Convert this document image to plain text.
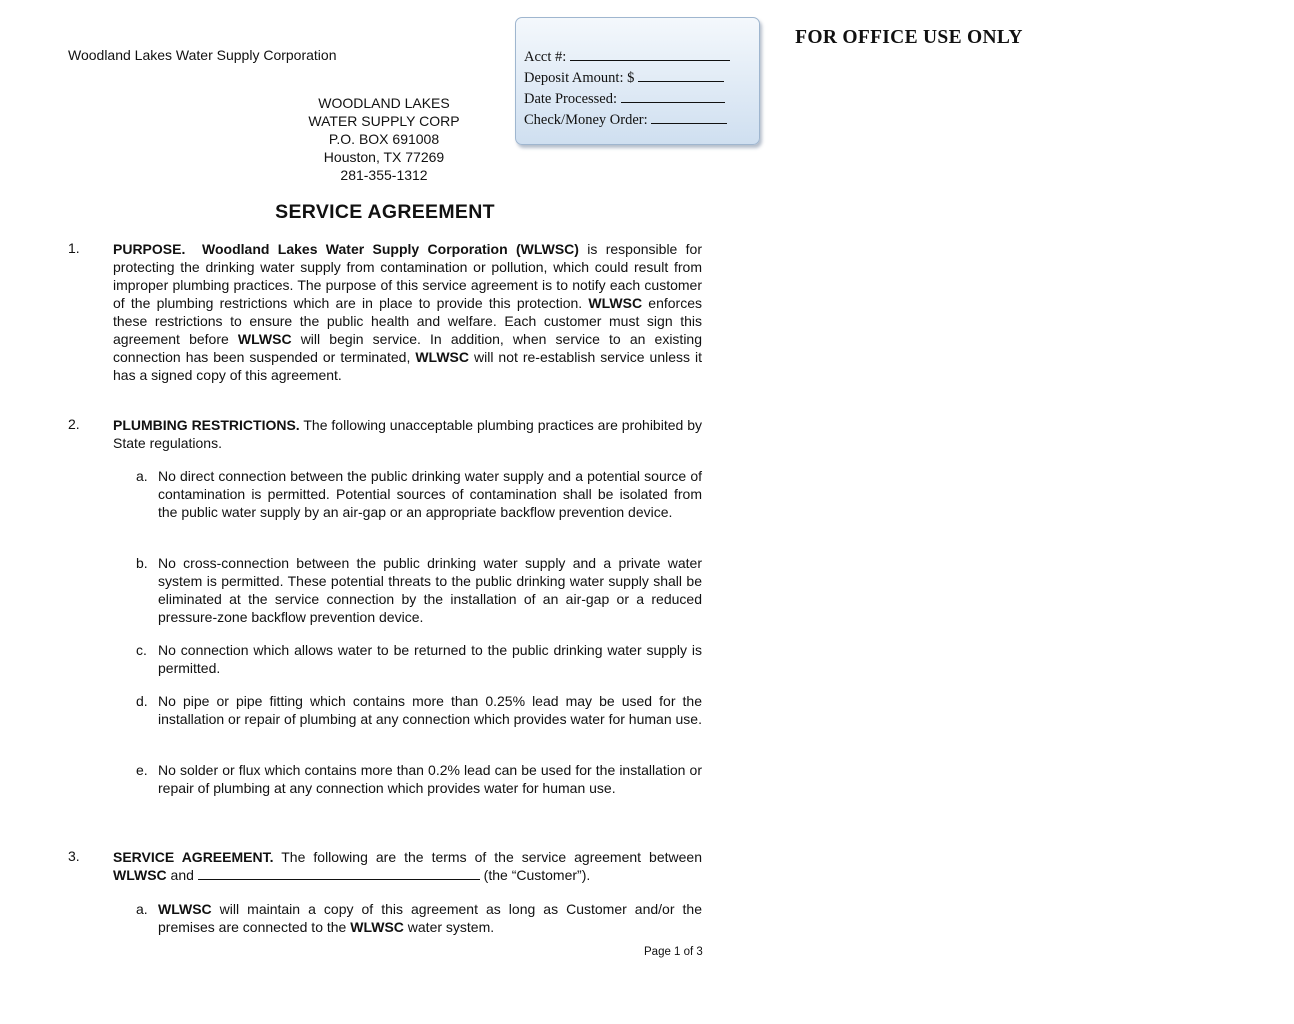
Woodland Lakes Water Supply Corporation
FOR OFFICE USE ONLY
Acct #:
Deposit Amount: $
Date Processed:
Check/Money Order:
WOODLAND LAKES
WATER SUPPLY CORP
P.O. BOX 691008
Houston, TX 77269
281-355-1312
SERVICE AGREEMENT
1. PURPOSE. Woodland Lakes Water Supply Corporation (WLWSC) is responsible for protecting the drinking water supply from contamination or pollution, which could result from improper plumbing practices. The purpose of this service agreement is to notify each customer of the plumbing restrictions which are in place to provide this protection. WLWSC enforces these restrictions to ensure the public health and welfare. Each customer must sign this agreement before WLWSC will begin service. In addition, when service to an existing connection has been suspended or terminated, WLWSC will not re-establish service unless it has a signed copy of this agreement.
2. PLUMBING RESTRICTIONS. The following unacceptable plumbing practices are prohibited by State regulations.
a. No direct connection between the public drinking water supply and a potential source of contamination is permitted. Potential sources of contamination shall be isolated from the public water supply by an air-gap or an appropriate backflow prevention device.
b. No cross-connection between the public drinking water supply and a private water system is permitted. These potential threats to the public drinking water supply shall be eliminated at the service connection by the installation of an air-gap or a reduced pressure-zone backflow prevention device.
c. No connection which allows water to be returned to the public drinking water supply is permitted.
d. No pipe or pipe fitting which contains more than 0.25% lead may be used for the installation or repair of plumbing at any connection which provides water for human use.
e. No solder or flux which contains more than 0.2% lead can be used for the installation or repair of plumbing at any connection which provides water for human use.
3. SERVICE AGREEMENT. The following are the terms of the service agreement between WLWSC and	(the “Customer”).
a. WLWSC will maintain a copy of this agreement as long as Customer and/or the premises are connected to the WLWSC water system.
Page 1 of 3
